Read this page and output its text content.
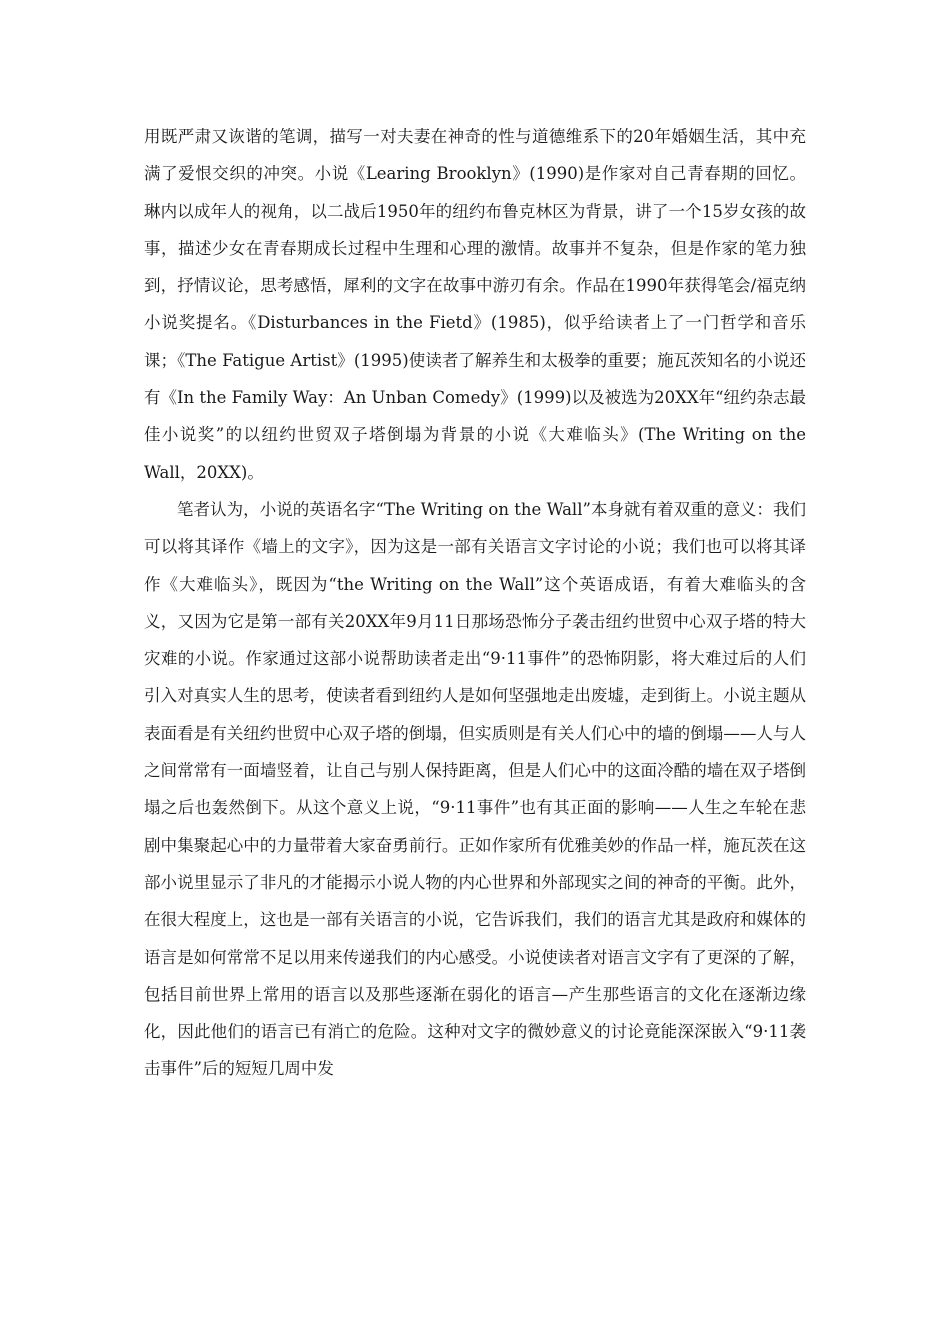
用既严肃又诙谐的笔调，描写一对夫妻在神奇的性与道德维系下的20年婚姻生活，其中充满了爱恨交织的冲突。小说《Learing Brooklyn》(1990)是作家对自己青春期的回忆。琳内以成年人的视角，以二战后1950年的纽约布鲁克林区为背景，讲了一个15岁女孩的故事，描述少女在青春期成长过程中生理和心理的激情。故事并不复杂，但是作家的笔力独到，抒情议论，思考感悟，犀利的文字在故事中游刃有余。作品在1990年获得笔会/福克纳小说奖提名。《Disturbances in the Fietd》(1985)，似乎给读者上了一门哲学和音乐课；《The Fatigue Artist》(1995)使读者了解养生和太极拳的重要；施瓦茨知名的小说还有《In the Family Way：An Unban Comedy》(1999)以及被选为20XX年“纽约杂志最佳小说奖”的以纽约世贸双子塔倒塌为背景的小说《大难临头》(The Writing on the Wall，20XX)。

笔者认为，小说的英语名字“The Writing on the Wall”本身就有着双重的意义：我们可以将其译作《墙上的文字》，因为这是一部有关语言文字讨论的小说；我们也可以将其译作《大难临头》，既因为“the Writing on the Wall”这个英语成语，有着大难临头的含义，又因为它是第一部有关20XX年9月11日那场恐怖分子袭击纽约世贸中心双子塔的特大灾难的小说。作家通过这部小说帮助读者走出“9·11事件”的恐怖阴影，将大难过后的人们引入对真实人生的思考，使读者看到纽约人是如何坚强地走出废墟，走到街上。小说主题从表面看是有关纽约世贸中心双子塔的倒塌，但实质则是有关人们心中的墙的倒塌——人与人之间常常有一面墙竖着，让自己与别人保持距离，但是人们心中的这面冷酷的墙在双子塔倒塌之后也轰然倒下。从这个意义上说，“9·11事件”也有其正面的影响——人生之车轮在悲剧中集聚起心中的力量带着大家奋勇前行。正如作家所有优雅美妙的作品一样，施瓦茨在这部小说里显示了非凡的才能揭示小说人物的内心世界和外部现实之间的神奇的平衡。此外，在很大程度上，这也是一部有关语言的小说，它告诉我们，我们的语言尤其是政府和媒体的语言是如何常常不足以用来传递我们的内心感受。小说使读者对语言文字有了更深的了解，包括目前世界上常用的语言以及那些逐渐在弱化的语言—产生那些语言的文化在逐渐边缘化，因此他们的语言已有消亡的危险。这种对文字的微妙意义的讨论竟能深深嵌入“9·11袭击事件”后的短短几周中发
